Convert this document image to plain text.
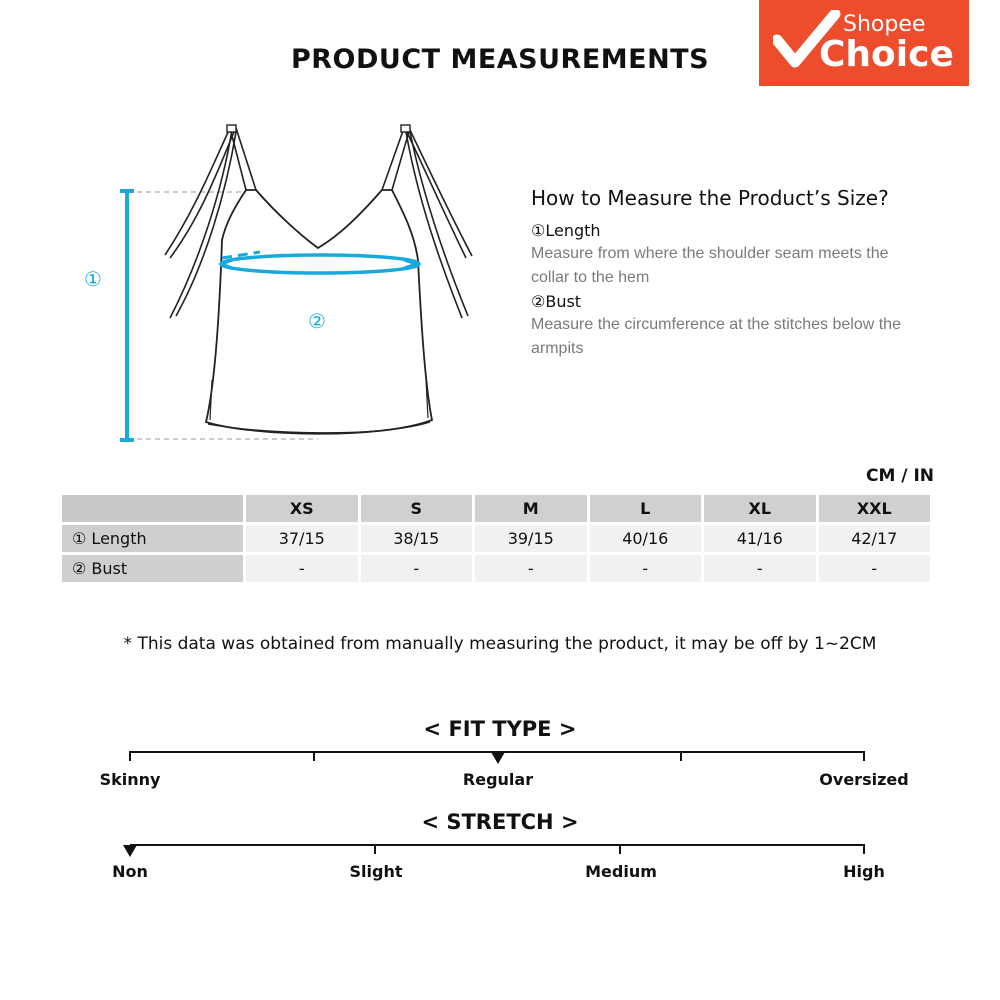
PRODUCT MEASUREMENTS
Shopee
Choice
①
②
How to Measure the Product’s Size?
①Length
Measure from where the shoulder seam meets the collar to the hem
②Bust
Measure the circumference at the stitches below the armpits
CM / IN
	XS	S	M	L	XL	XXL
① Length	37/15	38/15	39/15	40/16	41/16	42/17
② Bust	-	-	-	-	-	-
* This data was obtained from manually measuring the product, it may be off by 1~2CM
< FIT TYPE >
Skinny	Regular	Oversized
< STRETCH >
Non	Slight	Medium	High
